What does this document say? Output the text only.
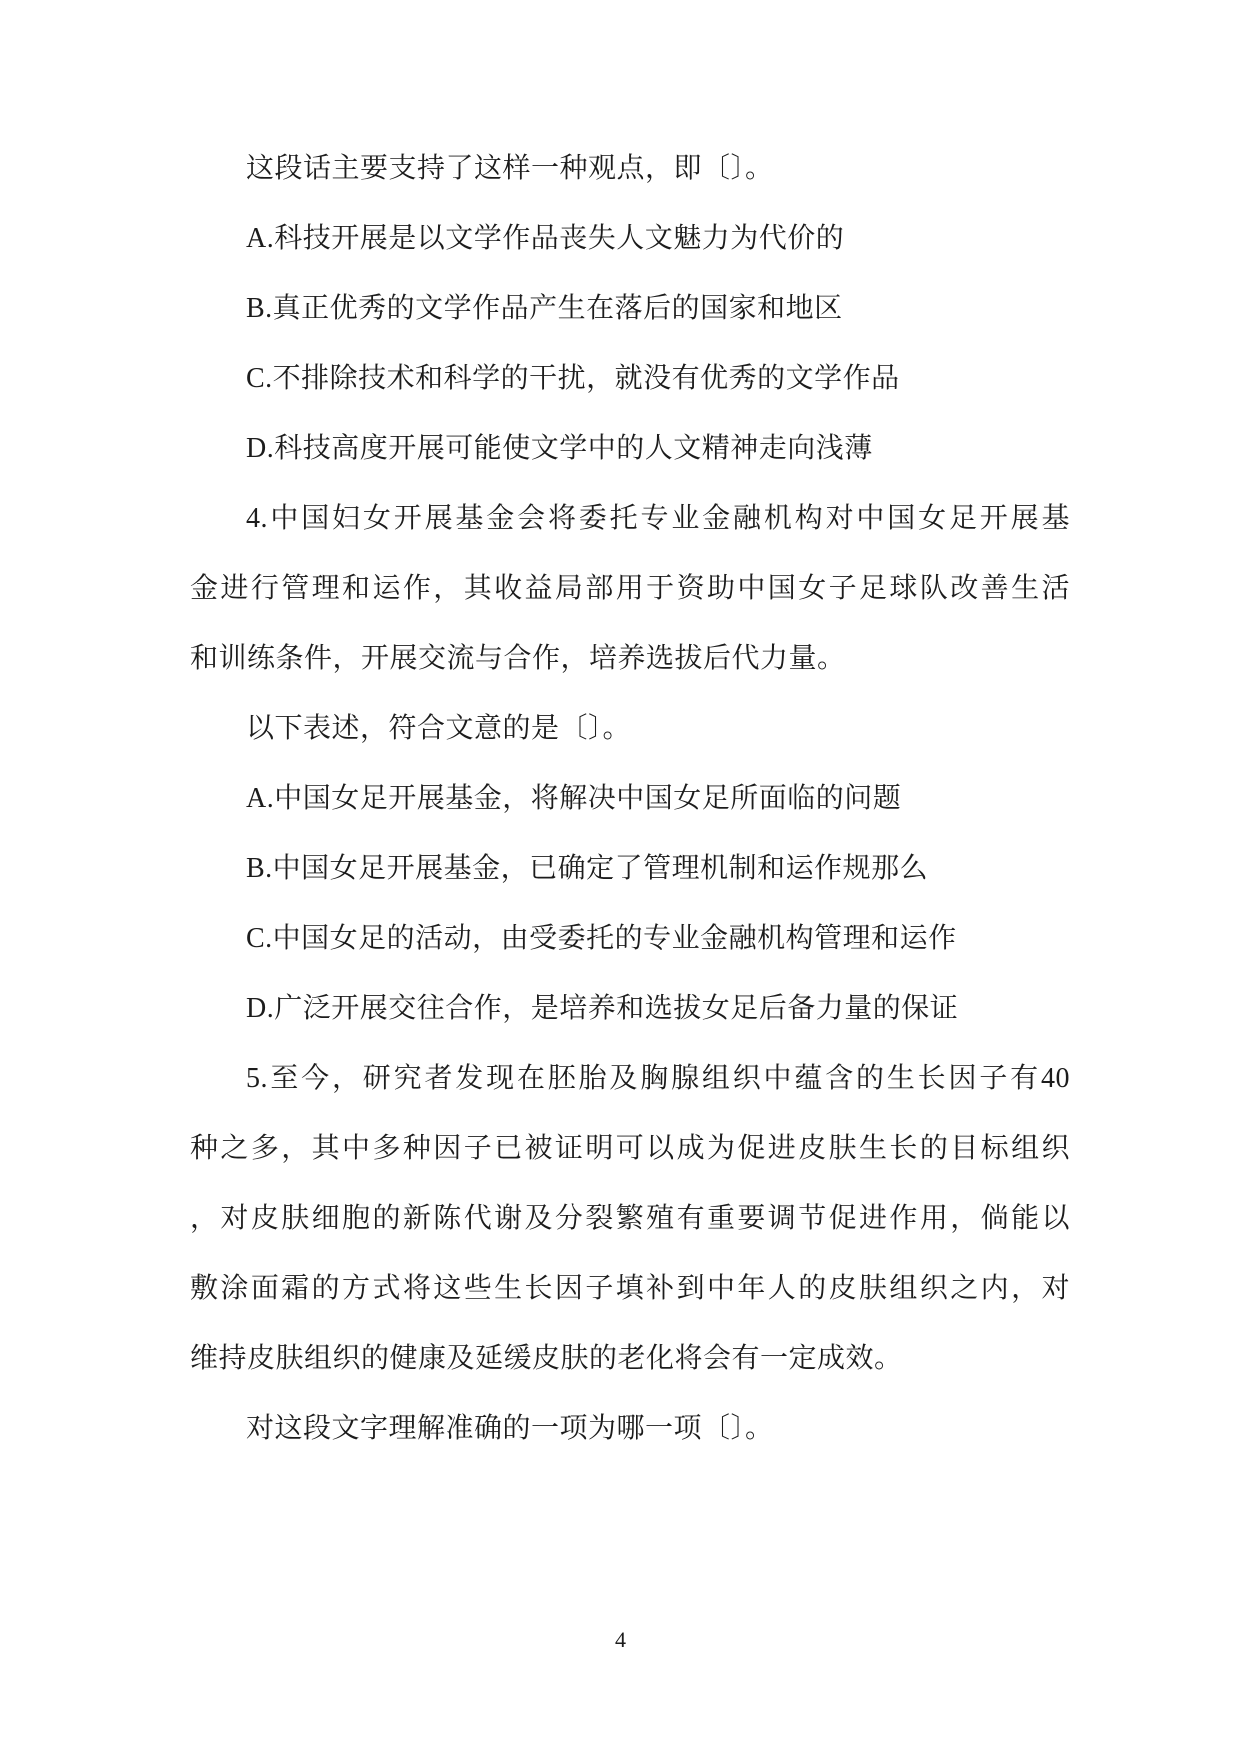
这段话主要支持了这样一种观点，即〔〕。
A.科技开展是以文学作品丧失人文魅力为代价的
B.真正优秀的文学作品产生在落后的国家和地区
C.不排除技术和科学的干扰，就没有优秀的文学作品
D.科技高度开展可能使文学中的人文精神走向浅薄
4.中国妇女开展基金会将委托专业金融机构对中国女足开展基
金进行管理和运作，其收益局部用于资助中国女子足球队改善生活
和训练条件，开展交流与合作，培养选拔后代力量。
以下表述，符合文意的是〔〕。
A.中国女足开展基金，将解决中国女足所面临的问题
B.中国女足开展基金，已确定了管理机制和运作规那么
C.中国女足的活动，由受委托的专业金融机构管理和运作
D.广泛开展交往合作，是培养和选拔女足后备力量的保证
5.至今，研究者发现在胚胎及胸腺组织中蕴含的生长因子有40
种之多，其中多种因子已被证明可以成为促进皮肤生长的目标组织
，对皮肤细胞的新陈代谢及分裂繁殖有重要调节促进作用，倘能以
敷涂面霜的方式将这些生长因子填补到中年人的皮肤组织之内，对
维持皮肤组织的健康及延缓皮肤的老化将会有一定成效。
对这段文字理解准确的一项为哪一项〔〕。
4
